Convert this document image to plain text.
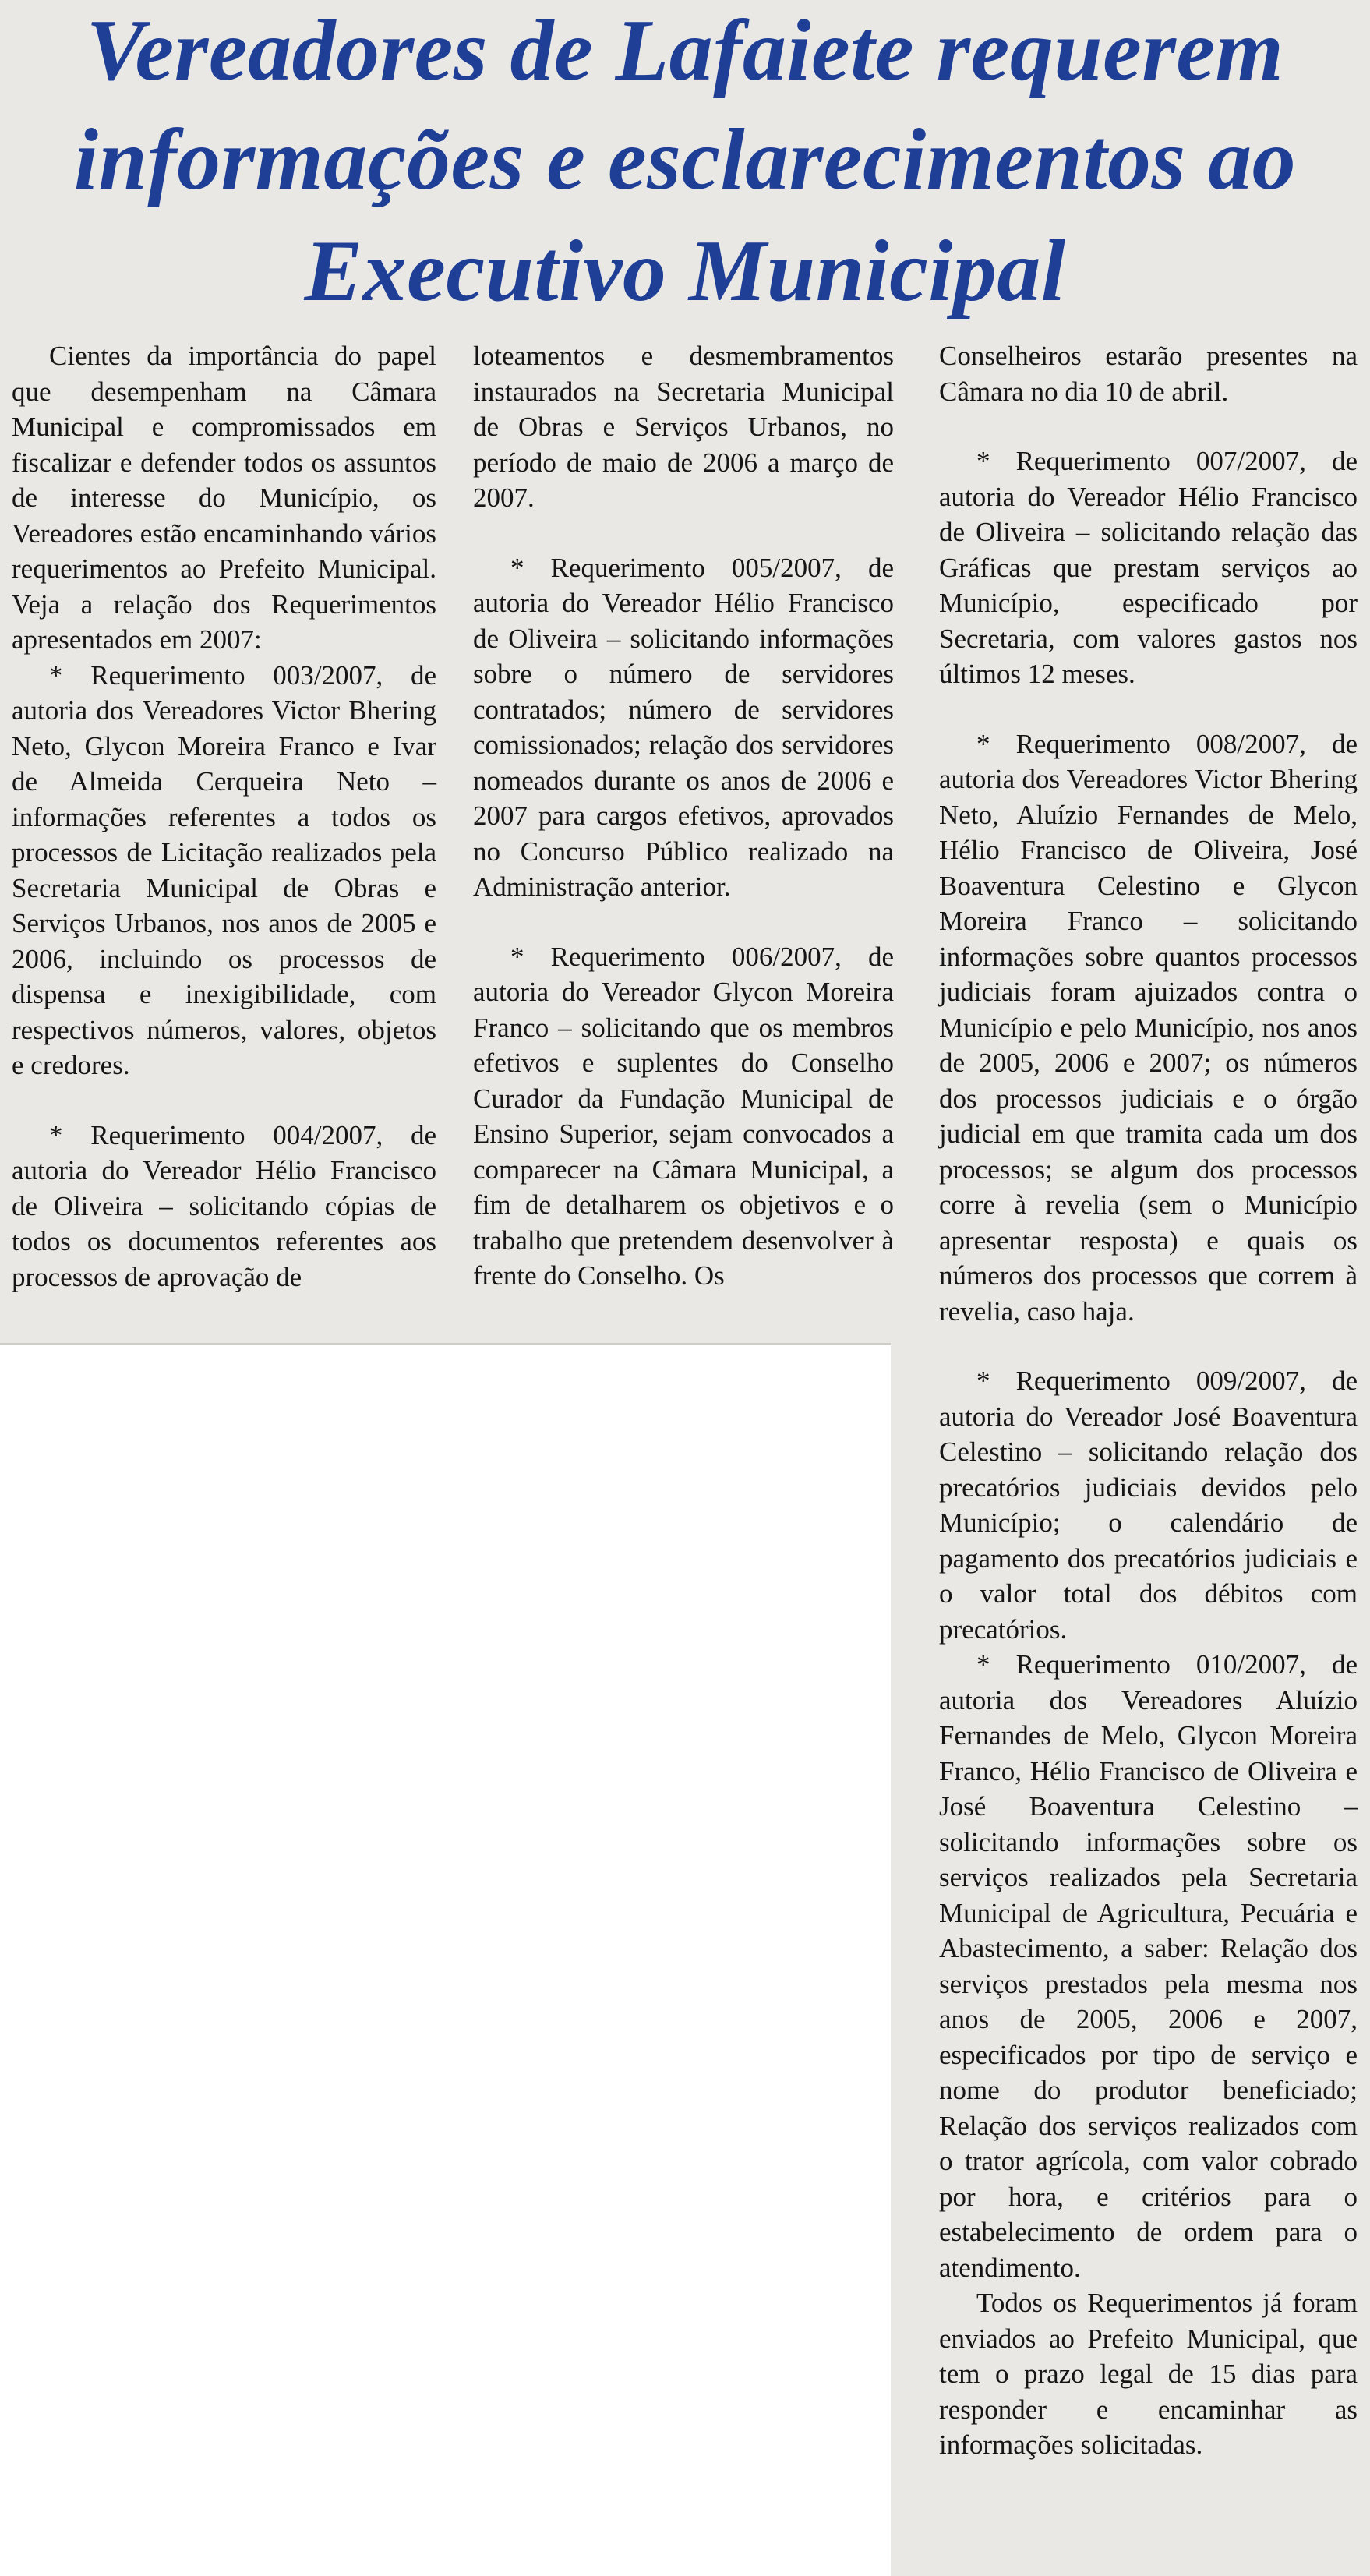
Vereadores de Lafaiete requerem
informações e esclarecimentos ao
Executivo Municipal

Cientes da importância do papel que desempenham na Câmara Municipal e compromissados em fiscalizar e defender todos os assuntos de interesse do Município, os Vereadores estão encaminhando vários requerimentos ao Prefeito Municipal. Veja a relação dos Requerimentos apresentados em 2007:

* Requerimento 003/2007, de autoria dos Vereadores Victor Bhering Neto, Glycon Moreira Franco e Ivar de Almeida Cerqueira Neto – informações referentes a todos os processos de Licitação realizados pela Secretaria Municipal de Obras e Serviços Urbanos, nos anos de 2005 e 2006, incluindo os processos de dispensa e inexigibilidade, com respectivos números, valores, objetos e credores.

* Requerimento 004/2007, de autoria do Vereador Hélio Francisco de Oliveira – solicitando cópias de todos os documentos referentes aos processos de aprovação de

loteamentos e desmembramentos instaurados na Secretaria Municipal de Obras e Serviços Urbanos, no período de maio de 2006 a março de 2007.

* Requerimento 005/2007, de autoria do Vereador Hélio Francisco de Oliveira – solicitando informações sobre o número de servidores contratados; número de servidores comissionados; relação dos servidores nomeados durante os anos de 2006 e 2007 para cargos efetivos, aprovados no Concurso Público realizado na Administração anterior.

* Requerimento 006/2007, de autoria do Vereador Glycon Moreira Franco – solicitando que os membros efetivos e suplentes do Conselho Curador da Fundação Municipal de Ensino Superior, sejam convocados a comparecer na Câmara Municipal, a fim de detalharem os objetivos e o trabalho que pretendem desenvolver à frente do Conselho. Os

Conselheiros estarão presentes na Câmara no dia 10 de abril.

* Requerimento 007/2007, de autoria do Vereador Hélio Francisco de Oliveira – solicitando relação das Gráficas que prestam serviços ao Município, especificado por Secretaria, com valores gastos nos últimos 12 meses.

* Requerimento 008/2007, de autoria dos Vereadores Victor Bhering Neto, Aluízio Fernandes de Melo, Hélio Francisco de Oliveira, José Boaventura Celestino e Glycon Moreira Franco – solicitando informações sobre quantos processos judiciais foram ajuizados contra o Município e pelo Município, nos anos de 2005, 2006 e 2007; os números dos processos judiciais e o órgão judicial em que tramita cada um dos processos; se algum dos processos corre à revelia (sem o Município apresentar resposta) e quais os números dos processos que correm à revelia, caso haja.

* Requerimento 009/2007, de autoria do Vereador José Boaventura Celestino – solicitando relação dos precatórios judiciais devidos pelo Município; o calendário de pagamento dos precatórios judiciais e o valor total dos débitos com precatórios.

* Requerimento 010/2007, de autoria dos Vereadores Aluízio Fernandes de Melo, Glycon Moreira Franco, Hélio Francisco de Oliveira e José Boaventura Celestino – solicitando informações sobre os serviços realizados pela Secretaria Municipal de Agricultura, Pecuária e Abastecimento, a saber: Relação dos serviços prestados pela mesma nos anos de 2005, 2006 e 2007, especificados por tipo de serviço e nome do produtor beneficiado; Relação dos serviços realizados com o trator agrícola, com valor cobrado por hora, e critérios para o estabelecimento de ordem para o atendimento.

Todos os Requerimentos já foram enviados ao Prefeito Municipal, que tem o prazo legal de 15 dias para responder e encaminhar as informações solicitadas.
